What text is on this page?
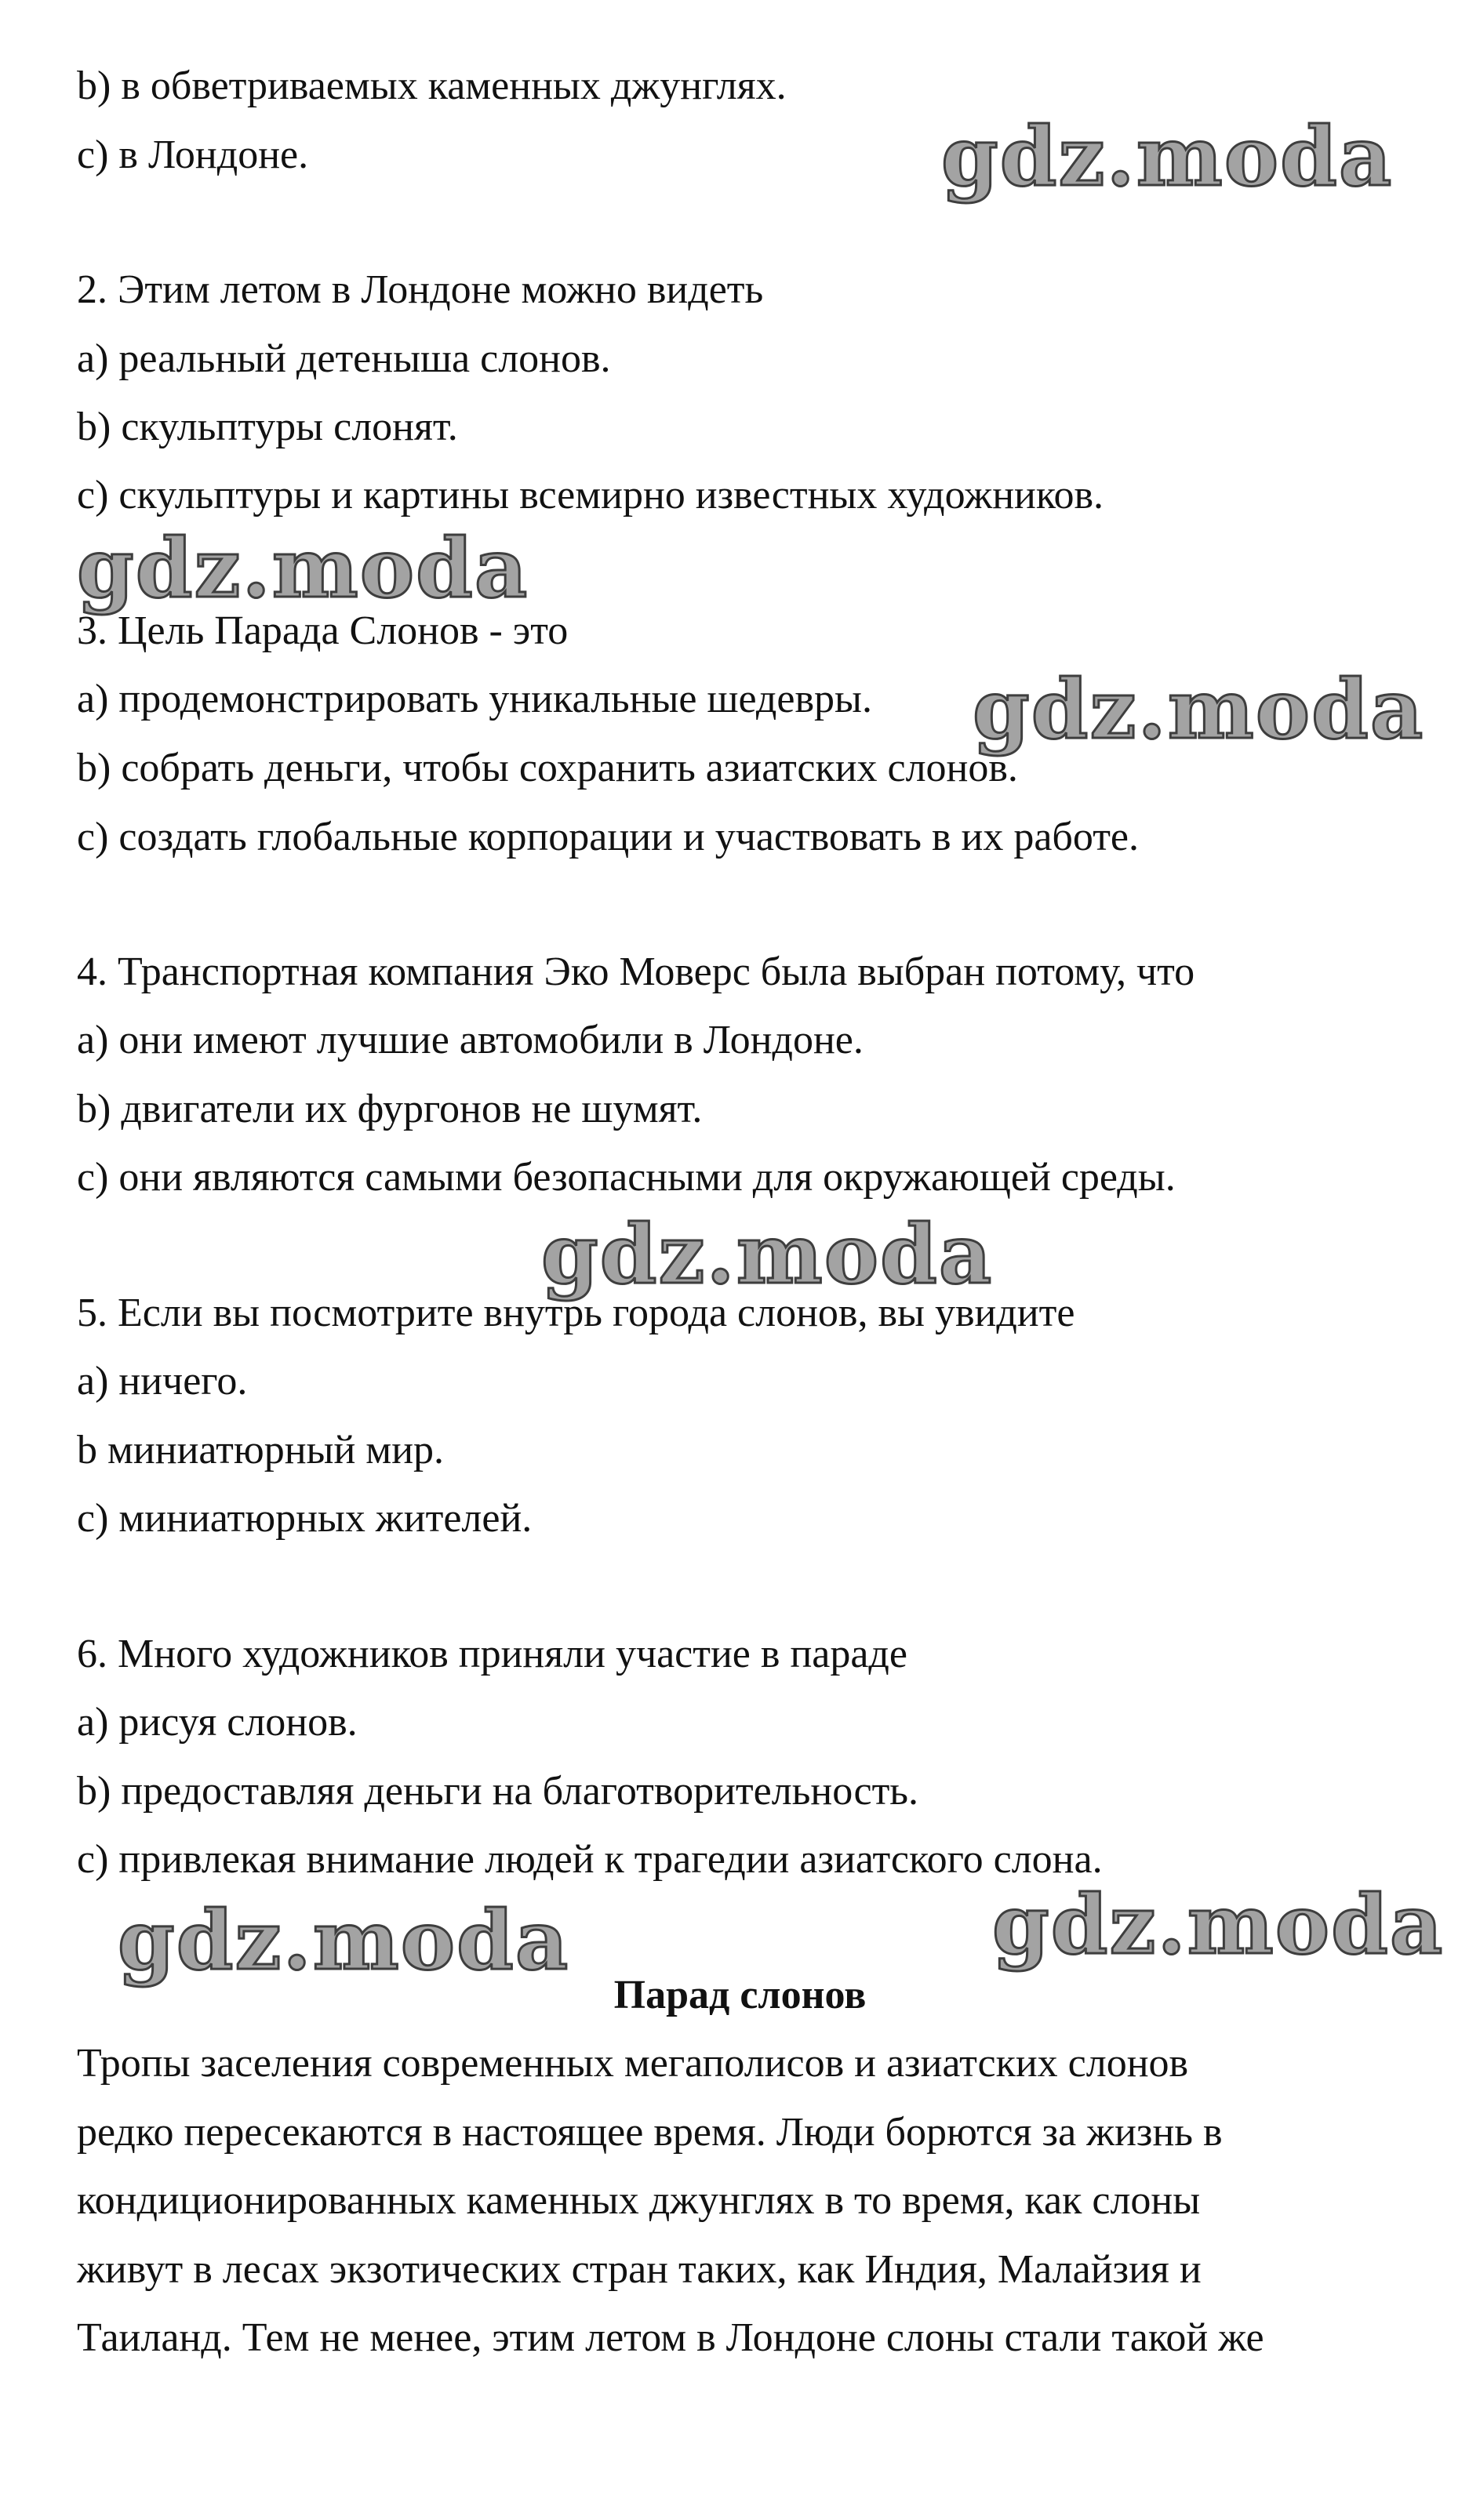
b) в обветриваемых каменных джунглях.

c) в Лондоне.

2. Этим летом в Лондоне можно видеть

a) реальный детеныша слонов.

b) скульптуры слонят.

c) скульптуры и картины всемирно известных художников.

3. Цель Парада Слонов - это

a) продемонстрировать уникальные шедевры.

b) собрать деньги, чтобы сохранить азиатских слонов.

c) создать глобальные корпорации и участвовать в их работе.

4. Транспортная компания Эко Моверс была выбран потому, что

a) они имеют лучшие автомобили в Лондоне.

b) двигатели их фургонов не шумят.

c) они являются самыми безопасными для окружающей среды.

5. Если вы посмотрите внутрь города слонов, вы увидите

a) ничего.

b миниатюрный мир.

c) миниатюрных жителей.

6. Много художников приняли участие в параде

a) рисуя слонов.

b) предоставляя деньги на благотворительность.

c) привлекая внимание людей к трагедии азиатского слона.

Парад слонов

Тропы заселения современных мегаполисов и азиатских слонов
редко пересекаются в настоящее время. Люди борются за жизнь в
кондиционированных каменных джунглях в то время, как слоны
живут в лесах экзотических стран таких, как Индия, Малайзия и
Таиланд. Тем не менее, этим летом в Лондоне слоны стали такой же
gdz.moda
gdz.moda
gdz.moda
gdz.moda
gdz.moda	gdz.moda
